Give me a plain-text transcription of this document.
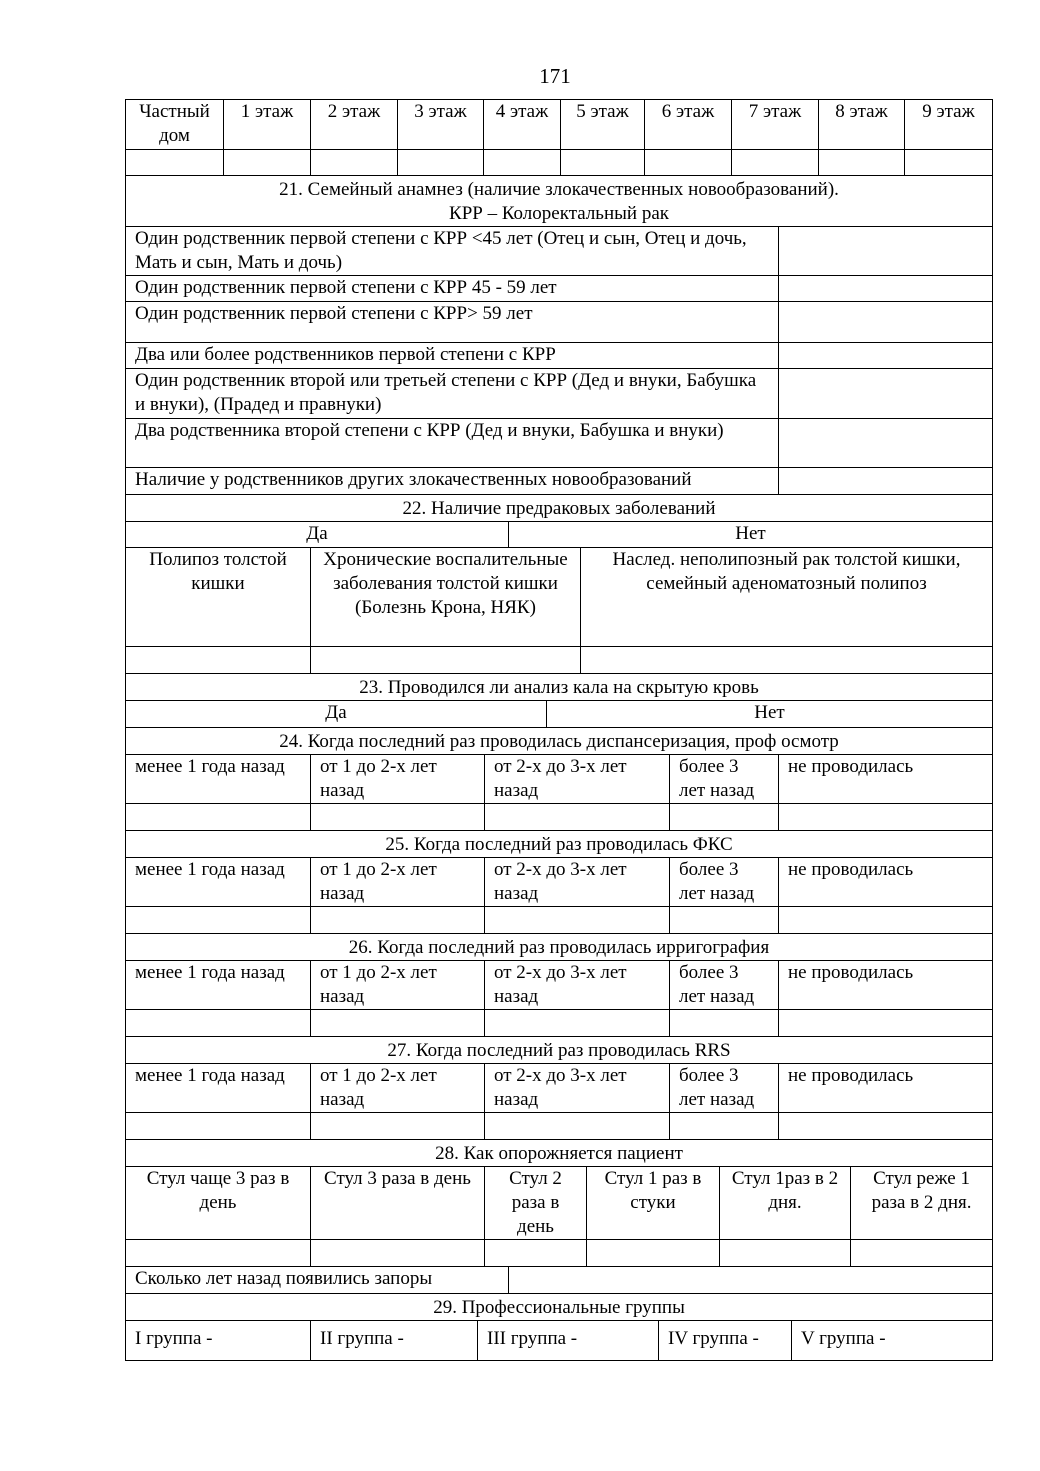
171
Частный дом	1 этаж	2 этаж	3 этаж	4 этаж	5 этаж	6 этаж	7 этаж	8 этаж	9 этаж

21. Семейный анамнез (наличие злокачественных новообразований).
КРР – Колоректальный рак	

Один родственник первой степени с КРР <45 лет (Отец и сын, Отец и дочь, Мать и сын, Мать и дочь)	
Один родственник первой степени с КРР 45 - 59 лет	
Один родственник первой степени с КРР> 59 лет	
Два или более родственников первой степени с КРР	
Один родственник второй или третьей степени с КРР (Дед и внуки, Бабушка и внуки), (Прадед и правнуки)	
Два родственника второй степени с КРР (Дед и внуки, Бабушка и внуки)	
Наличие у родственников других злокачественных новообразований	
22. Наличие предраковых заболеваний			
Да		Нет	
Полипоз толстой кишки	Хронические воспалительные заболевания толстой кишки (Болезнь Крона, НЯК)		Наслед. неполипозный рак толстой кишки, семейный аденоматозный полипоз

23. Проводился ли анализ кала на скрытую кровь
Да	Нет
24. Когда последний раз проводилась диспансеризация, проф осмотр				
менее 1 года назад	от 1 до 2-х лет назад	от 2-х до 3-х лет назад	более 3 лет назад	не проводилась

25. Когда последний раз проводилась ФКС				
менее 1 года назад	от 1 до 2-х лет назад	от 2-х до 3-х лет назад	более 3 лет назад	не проводилась

26. Когда последний раз проводилась ирригография				
менее 1 года назад	от 1 до 2-х лет назад	от 2-х до 3-х лет назад	более 3 лет назад	не проводилась

27. Когда последний раз проводилась RRS				
менее 1 года назад	от 1 до 2-х лет назад	от 2-х до 3-х лет назад	более 3 лет назад	не проводилась

28. Как опорожняется пациент						
Стул чаще 3 раз в день	Стул 3 раза в день	Стул 2 раза в день		Стул 1 раз в стуки	Стул 1раз в 2 дня.	Стул реже 1 раза в 2 дня.

Сколько лет назад появились запоры						
29. Профессиональные группы
I группа -	II группа -	III группа -	IV группа -	V группа -
